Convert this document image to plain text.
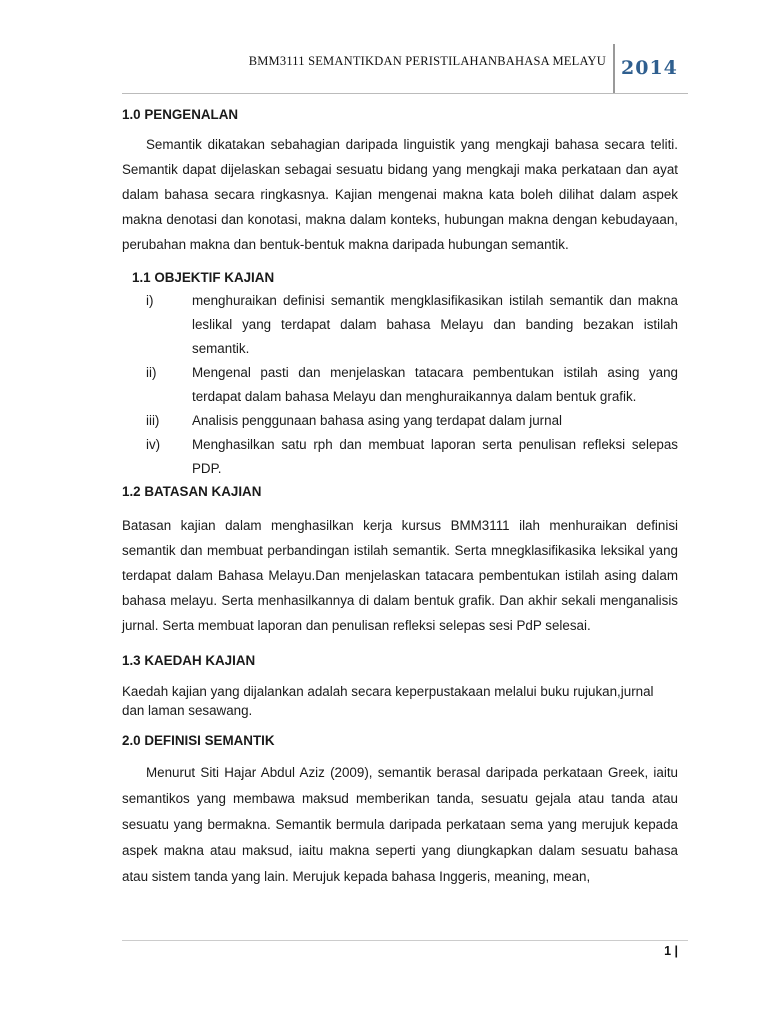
BMM3111 SEMANTIKDAN PERISTILAHANBAHASA MELAYU 2014

1.0 PENGENALAN

Semantik dikatakan sebahagian daripada linguistik yang mengkaji bahasa secara teliti. Semantik dapat dijelaskan sebagai sesuatu bidang yang mengkaji maka perkataan dan ayat dalam bahasa secara ringkasnya. Kajian mengenai makna kata boleh dilihat dalam aspek makna denotasi dan konotasi, makna dalam konteks, hubungan makna dengan kebudayaan, perubahan makna dan bentuk-bentuk makna daripada hubungan semantik.

1.1 OBJEKTIF KAJIAN

i)	menghuraikan definisi semantik mengklasifikasikan istilah semantik dan makna leslikal yang terdapat dalam bahasa Melayu dan banding bezakan istilah semantik.
ii)	Mengenal pasti dan menjelaskan tatacara pembentukan istilah asing yang terdapat dalam bahasa Melayu dan menghuraikannya dalam bentuk grafik.
iii) Analisis penggunaan bahasa asing yang terdapat dalam jurnal
iv) Menghasilkan satu rph dan membuat laporan serta penulisan refleksi selepas PDP.

1.2 BATASAN KAJIAN

Batasan kajian dalam menghasilkan kerja kursus BMM3111 ilah menhuraikan definisi semantik dan membuat perbandingan istilah semantik. Serta mnegklasifikasika leksikal yang terdapat dalam Bahasa Melayu.Dan menjelaskan tatacara pembentukan istilah asing dalam bahasa melayu. Serta menhasilkannya di dalam bentuk grafik. Dan akhir sekali menganalisis jurnal. Serta membuat laporan dan penulisan refleksi selepas sesi PdP selesai.

1.3 KAEDAH KAJIAN

Kaedah kajian yang dijalankan adalah secara keperpustakaan melalui buku rujukan,jurnal dan laman sesawang.

2.0 DEFINISI SEMANTIK

Menurut Siti Hajar Abdul Aziz (2009), semantik berasal daripada perkataan Greek, iaitu semantikos yang membawa maksud memberikan tanda, sesuatu gejala atau tanda atau sesuatu yang bermakna. Semantik bermula daripada perkataan sema yang merujuk kepada aspek makna atau maksud, iaitu makna seperti yang diungkapkan dalam sesuatu bahasa atau sistem tanda yang lain. Merujuk kepada bahasa Inggeris, meaning, mean,

1 |
